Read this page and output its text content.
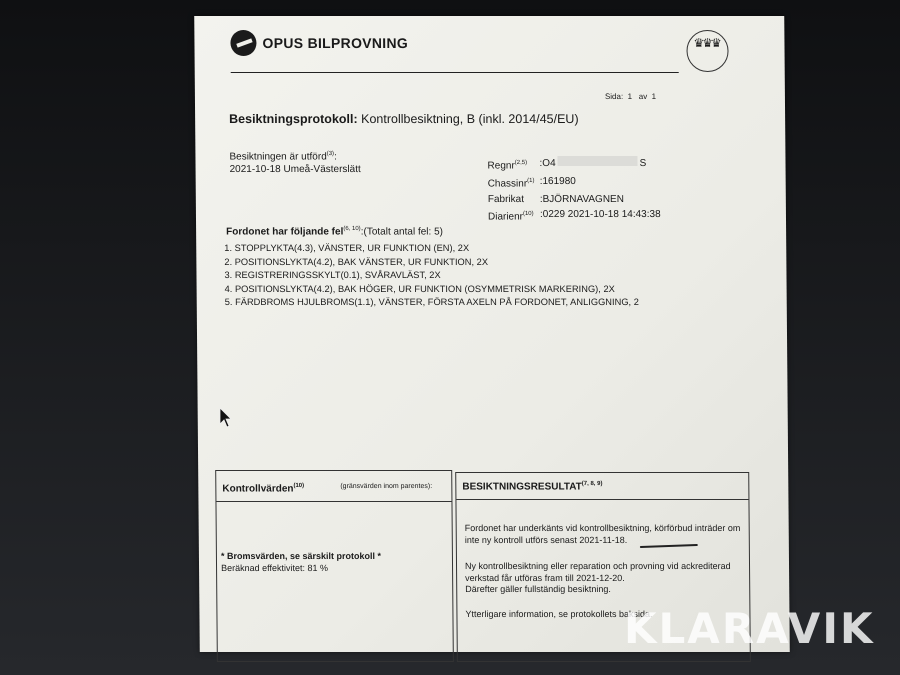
OPUS BILPROVNING	♛♛♛
Sida: 1 av 1
Besiktningsprotokoll: Kontrollbesiktning, B (inkl. 2014/45/EU)
Besiktningen är utförd$^{(3)}$:
2021-10-18 Umeå-Västerslätt	Regnr$^{(2,5)}$	:O4	S
Chassinr$^{(1)}$ :161980
Fabrikat	:BJÖRNAVAGNEN
Diarienr$^{(10)}$ :0229 2021-10-18 14:43:38
Fordonet har följande fel$^{(6, 10)}$:(Totalt antal fel: 5)
1. STOPPLYKTA(4.3), VÄNSTER, UR FUNKTION (EN), 2X
2. POSITIONSLYKTA(4.2), BAK VÄNSTER, UR FUNKTION, 2X
3. REGISTRERINGSSKYLT(0.1), SVÅRAVLÄST, 2X
4. POSITIONSLYKTA(4.2), BAK HÖGER, UR FUNKTION (OSYMMETRISK MARKERING), 2X
5. FÄRDBROMS HJULBROMS(1.1), VÄNSTER, FÖRSTA AXELN PÅ FORDONET, ANLIGGNING, 2
Kontrollvärden$^{(10)}$	(gränsvärden inom parentes):
* Bromsvärden, se särskilt protokoll *
Beräknad effektivitet: 81 %
BESIKTNINGSRESULTAT$^{(7, 8, 9)}$
Fordonet har underkänts vid kontrollbesiktning, körförbud inträder om inte ny kontroll utförs senast 2021-11-18.
Ny kontrollbesiktning eller reparation och provning vid ackrediterad verkstad får utföras fram till 2021-12-20.
Därefter gäller fullständig besiktning.
Ytterligare information, se protokollets baksida.
KLARAVIK
